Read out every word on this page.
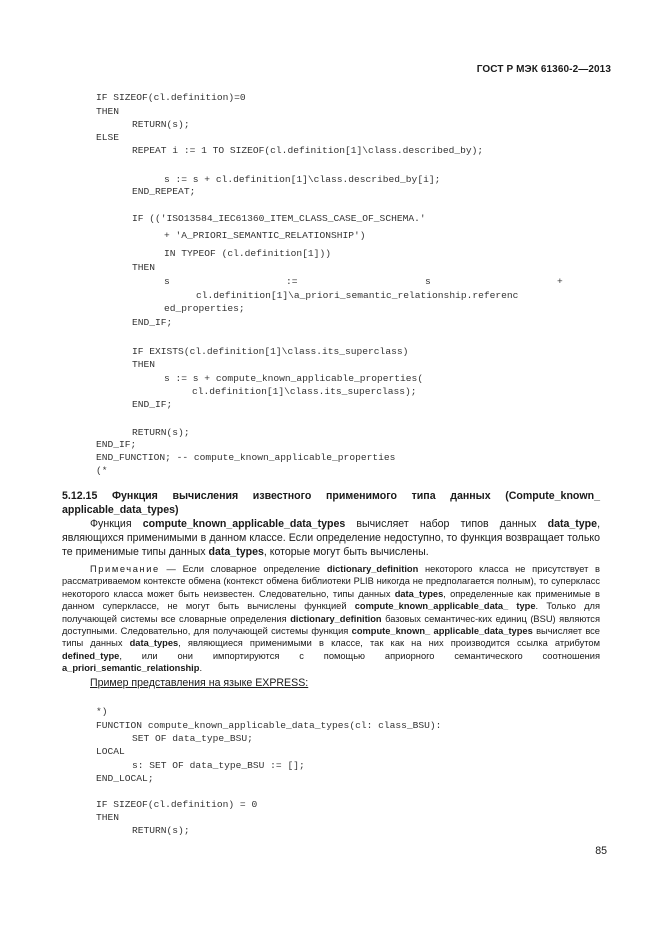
ГОСТ Р МЭК 61360-2—2013
IF SIZEOF(cl.definition)=0
THEN
RETURN(s);
ELSE
REPEAT i := 1 TO SIZEOF(cl.definition[1]\class.described_by);
s := s + cl.definition[1]\class.described_by[i];
END_REPEAT;
IF (('ISO13584_IEC61360_ITEM_CLASS_CASE_OF_SCHEMA.'
+ 'A_PRIORI_SEMANTIC_RELATIONSHIP')
IN TYPEOF (cl.definition[1]))
THEN
s	:=	s	+
cl.definition[1]\a_priori_semantic_relationship.referenc
ed_properties;
END_IF;
IF EXISTS(cl.definition[1]\class.its_superclass)
THEN
s := s + compute_known_applicable_properties(
cl.definition[1]\class.its_superclass);
END_IF;
RETURN(s);
END_IF;
END_FUNCTION; -- compute_known_applicable_properties
(*
5.12.15 Функция вычисления известного применимого типа данных (Compute_known_ applicable_data_types)

Функция compute_known_applicable_data_types вычисляет набор типов данных data_type, являющихся применимыми в данном классе. Если определение недоступно, то функция возвращает только те применимые типы данных data_types, которые могут быть вычислены.

Примечание — Если словарное определение dictionary_definition некоторого класса не присутствует в рассматриваемом контексте обмена (контекст обмена библиотеки PLIB никогда не предполагается полным), то суперкласс некоторого класса может быть неизвестен. Следовательно, типы данных data_types, определенные как применимые в данном суперклассе, не могут быть вычислены функцией compute_known_applicable_data_ type. Только для получающей системы все словарные определения dictionary_definition базовых семантичес-ких единиц (BSU) являются доступными. Следовательно, для получающей системы функция compute_known_ applicable_data_types вычисляет все типы данных data_types, являющиеся применимыми в классе, так как на них производится ссылка атрибутом defined_type, или они импортируются с помощью априорного семантического соотношения a_priori_semantic_relationship.
Пример представления на языке EXPRESS:
*)
FUNCTION compute_known_applicable_data_types(cl: class_BSU):
SET OF data_type_BSU;
LOCAL
s: SET OF data_type_BSU := [];
END_LOCAL;
IF SIZEOF(cl.definition) = 0
THEN
RETURN(s);
85
